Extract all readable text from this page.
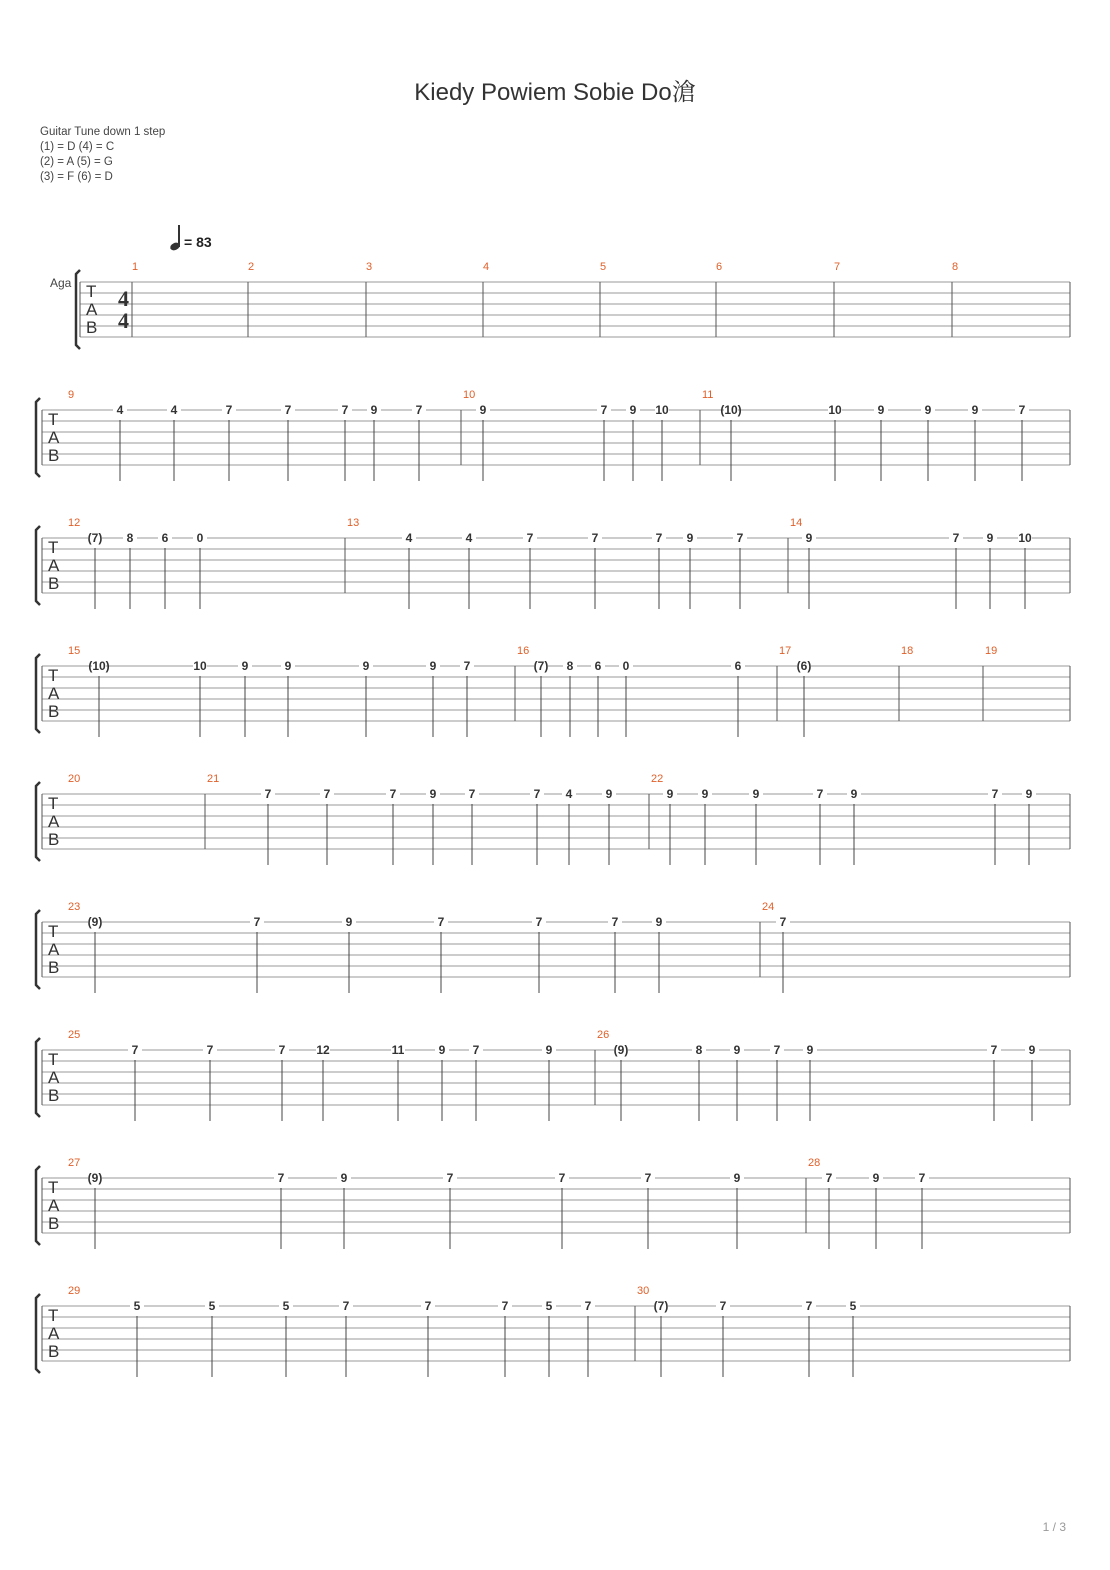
Kiedy Powiem Sobie Do滄
Guitar Tune down 1 step
(1) = D (4) = C
(2) = A (5) = G
(3) = F (6) = D
= 83
Aga T
A
B
1	2	3	4	5	6	7	8
4
4
T
A
B
9	10	11
4	4	7	7	7 9	7	9	7 9 10	(10)	10	9	9	9	7
T
A
B
12	13	14
(7) 8 6 0	4	4	7	7	7 9	7	9	7 9 10
T
A
B
15	16	17	18	19
(10)	10	9	9	9	9 7	(7) 8 6 0	6	(6)
T
A
B
20	21	22
7	7	7	9	7	7 4	9	9 9	9	7 9	7 9
T
A
B
23	24
(9)	7	9	7	7	7	9	7
T
A
B
25	26
7	7	7	12	11	9 7	9	(9)	8	9	7 9	7	9
T
A
B
27	28
(9)	7	9	7	7	7	9	7	9	7
T
A
B
29	30
5	5	5	7	7	7	5	7	(7)	7	7	5
1 / 3
